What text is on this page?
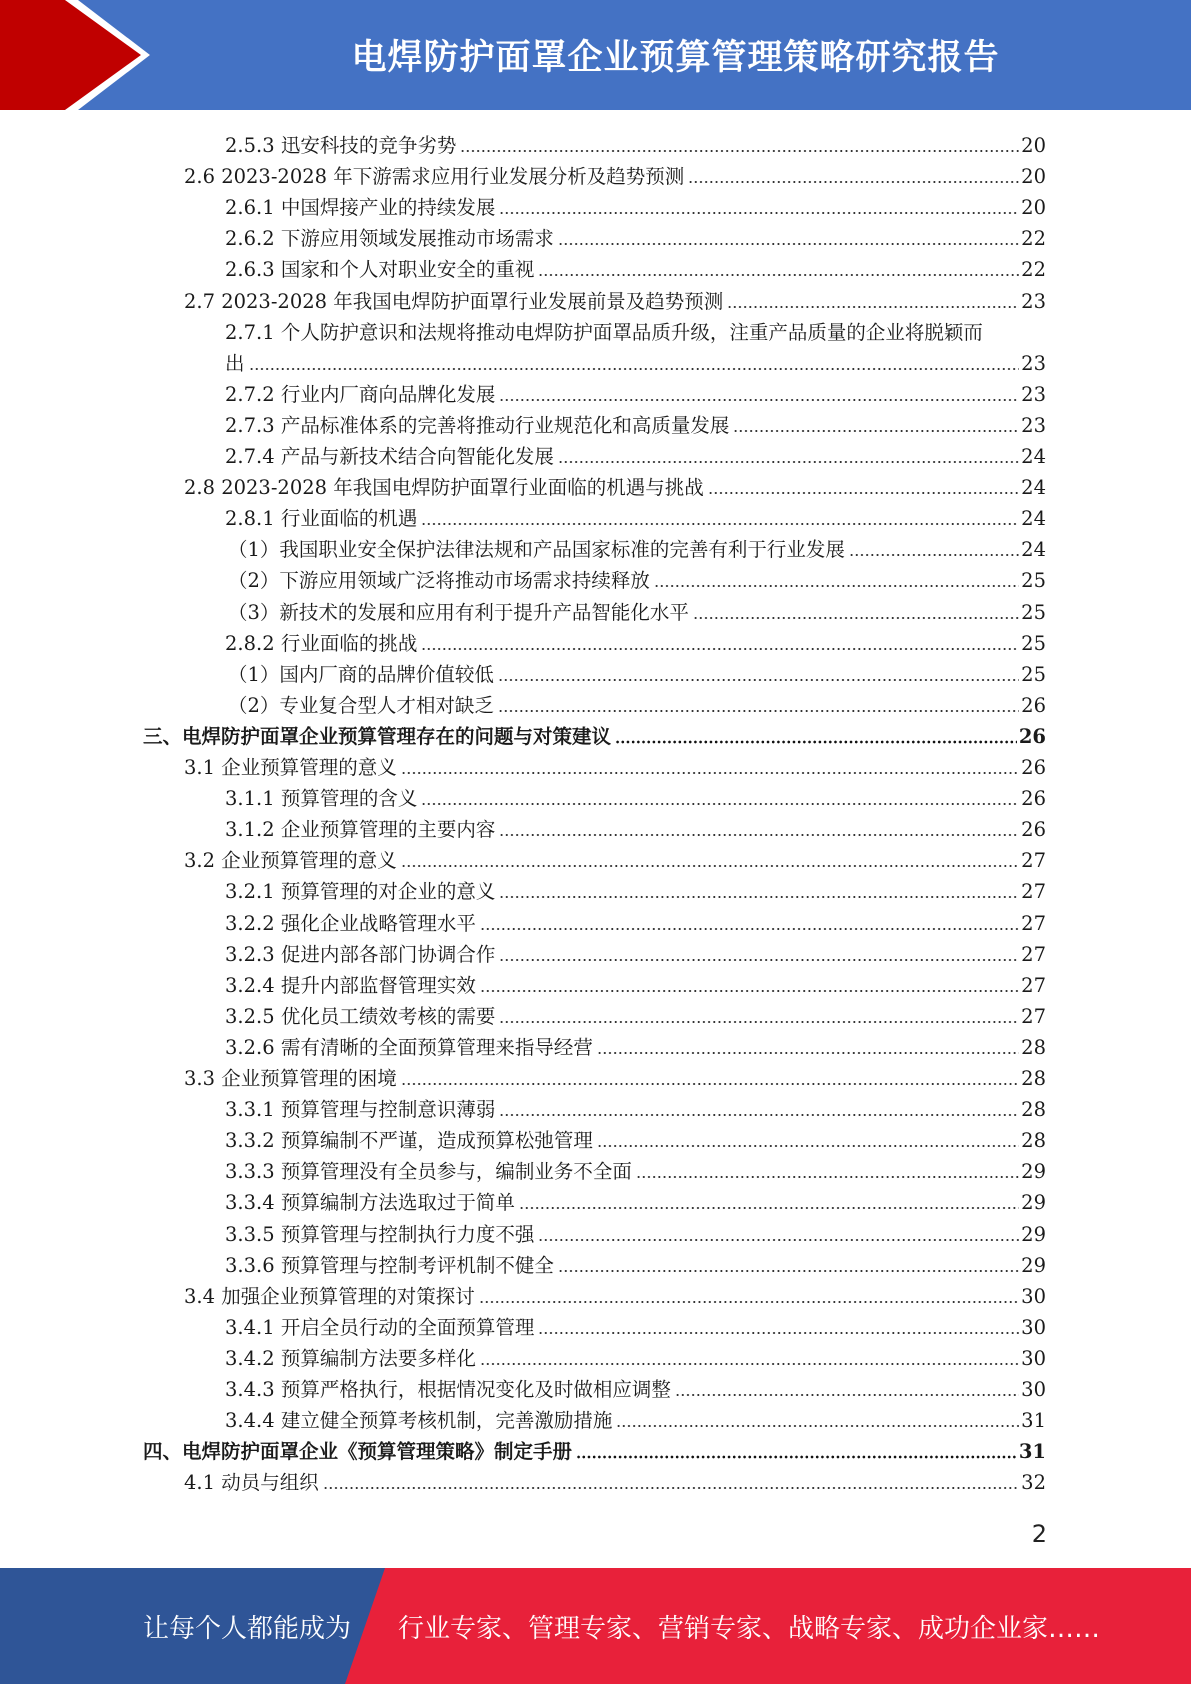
电焊防护面罩企业预算管理策略研究报告
2.5.3 迅安科技的竞争劣势	20
2.6 2023-2028 年下游需求应用行业发展分析及趋势预测	20
2.6.1 中国焊接产业的持续发展	20
2.6.2 下游应用领域发展推动市场需求	22
2.6.3 国家和个人对职业安全的重视	22
2.7 2023-2028 年我国电焊防护面罩行业发展前景及趋势预测	23
2.7.1 个人防护意识和法规将推动电焊防护面罩品质升级，注重产品质量的企业将脱颖而
出	23
2.7.2 行业内厂商向品牌化发展	23
2.7.3 产品标准体系的完善将推动行业规范化和高质量发展	23
2.7.4 产品与新技术结合向智能化发展	24
2.8 2023-2028 年我国电焊防护面罩行业面临的机遇与挑战	24
2.8.1 行业面临的机遇	24
（1）我国职业安全保护法律法规和产品国家标准的完善有利于行业发展	24
（2）下游应用领域广泛将推动市场需求持续释放	25
（3）新技术的发展和应用有利于提升产品智能化水平	25
2.8.2 行业面临的挑战	25
（1）国内厂商的品牌价值较低	25
（2）专业复合型人才相对缺乏	26
三、电焊防护面罩企业预算管理存在的问题与对策建议	26
3.1 企业预算管理的意义	26
3.1.1 预算管理的含义	26
3.1.2 企业预算管理的主要内容	26
3.2 企业预算管理的意义	27
3.2.1 预算管理的对企业的意义	27
3.2.2 强化企业战略管理水平	27
3.2.3 促进内部各部门协调合作	27
3.2.4 提升内部监督管理实效	27
3.2.5 优化员工绩效考核的需要	27
3.2.6 需有清晰的全面预算管理来指导经营	28
3.3 企业预算管理的困境	28
3.3.1 预算管理与控制意识薄弱	28
3.3.2 预算编制不严谨，造成预算松弛管理	28
3.3.3 预算管理没有全员参与，编制业务不全面	29
3.3.4 预算编制方法选取过于简单	29
3.3.5 预算管理与控制执行力度不强	29
3.3.6 预算管理与控制考评机制不健全	29
3.4 加强企业预算管理的对策探讨	30
3.4.1 开启全员行动的全面预算管理	30
3.4.2 预算编制方法要多样化	30
3.4.3 预算严格执行，根据情况变化及时做相应调整	30
3.4.4 建立健全预算考核机制，完善激励措施	31
四、电焊防护面罩企业《预算管理策略》制定手册	31
4.1 动员与组织	32
2
让每个人都能成为 行业专家、管理专家、营销专家、战略专家、成功企业家……
